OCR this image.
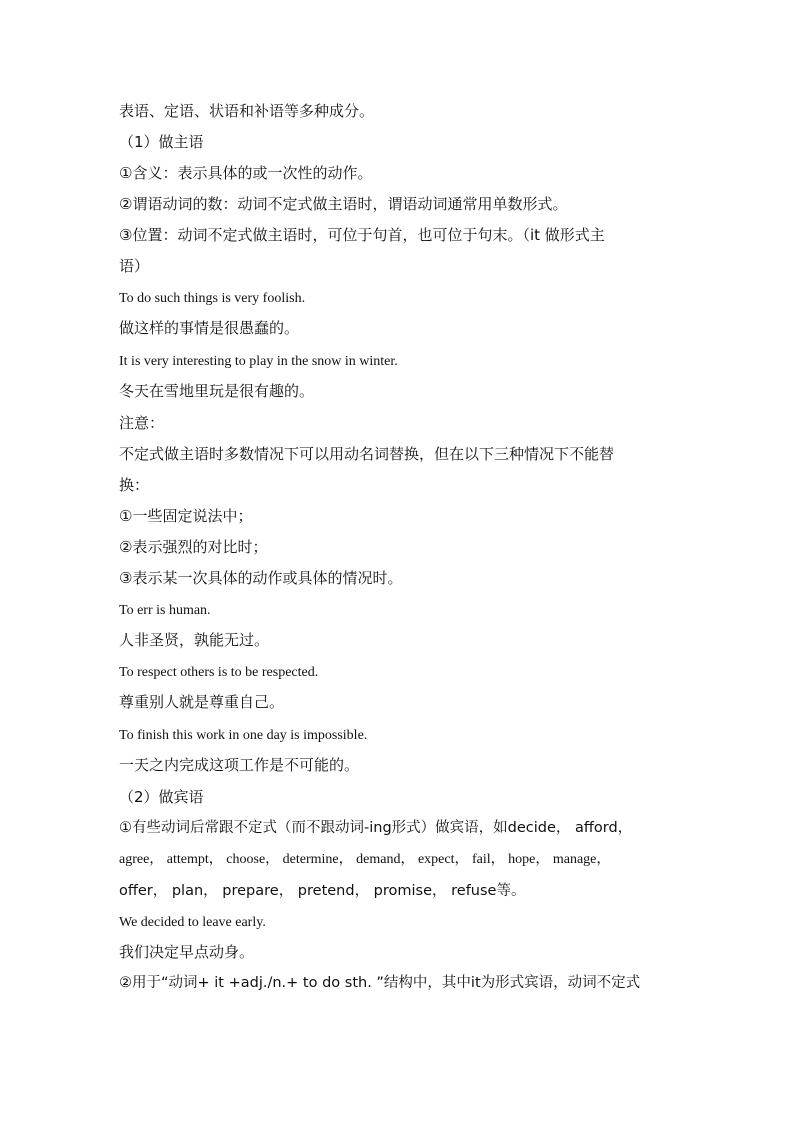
表语、定语、状语和补语等多种成分。
（1）做主语
①含义：表示具体的或一次性的动作。
②谓语动词的数：动词不定式做主语时，谓语动词通常用单数形式。
③位置：动词不定式做主语时，可位于句首，也可位于句末。（it 做形式主
语）
To do such things is very foolish.
做这样的事情是很愚蠢的。
It is very interesting to play in the snow in winter.
冬天在雪地里玩是很有趣的。
注意：
不定式做主语时多数情况下可以用动名词替换，但在以下三种情况下不能替
换：
①一些固定说法中；
②表示强烈的对比时；
③表示某一次具体的动作或具体的情况时。
To err is human.
人非圣贤，孰能无过。
To respect others is to be respected.
尊重别人就是尊重自己。
To finish this work in one day is impossible.
一天之内完成这项工作是不可能的。
（2）做宾语
①有些动词后常跟不定式（而不跟动词-ing形式）做宾语，如decide， afford，
agree， attempt， choose， determine， demand， expect， fail， hope， manage，
offer， plan， prepare， pretend， promise， refuse等。
We decided to leave early.
我们决定早点动身。
②用于“动词+ it +adj./n.+ to do sth. ”结构中，其中it为形式宾语，动词不定式
